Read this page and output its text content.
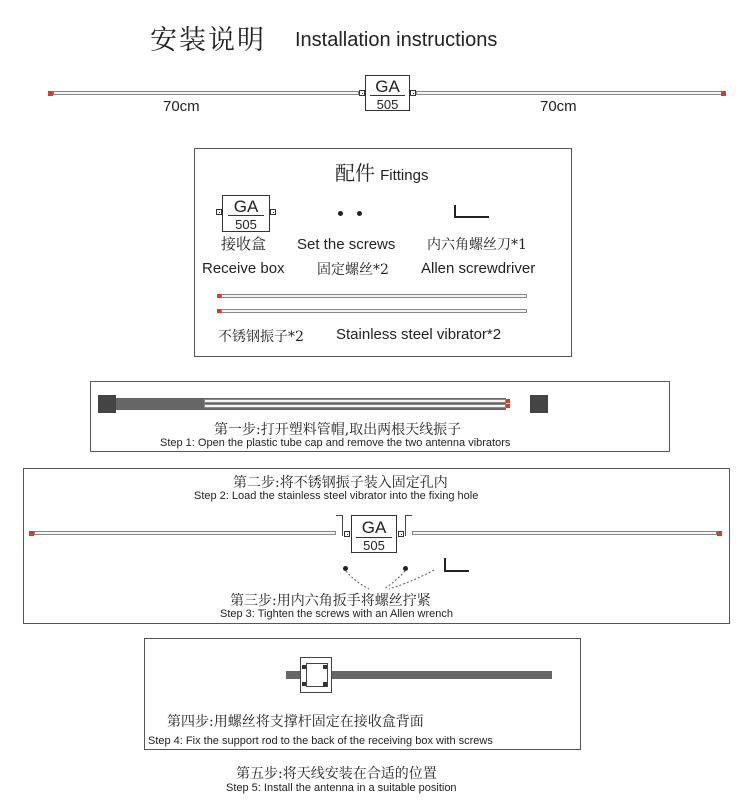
安装说明 Installation instructions
GA
505
70cm	70cm
配件 Fittings
GA
505
接收盒
Receive box
Set the screws
固定螺丝*2
内六角螺丝刀*1
Allen screwdriver
不锈钢振子*2 Stainless steel vibrator*2
第一步:打开塑料管帽,取出两根天线振子
Step 1: Open the plastic tube cap and remove the two antenna vibrators
第二步:将不锈钢振子装入固定孔内
Step 2: Load the stainless steel vibrator into the fixing hole
GA
505
第三步:用内六角扳手将螺丝拧紧
Step 3: Tighten the screws with an Allen wrench
第四步:用螺丝将支撑杆固定在接收盒背面
Step 4: Fix the support rod to the back of the receiving box with screws
第五步:将天线安装在合适的位置
Step 5: Install the antenna in a suitable position
